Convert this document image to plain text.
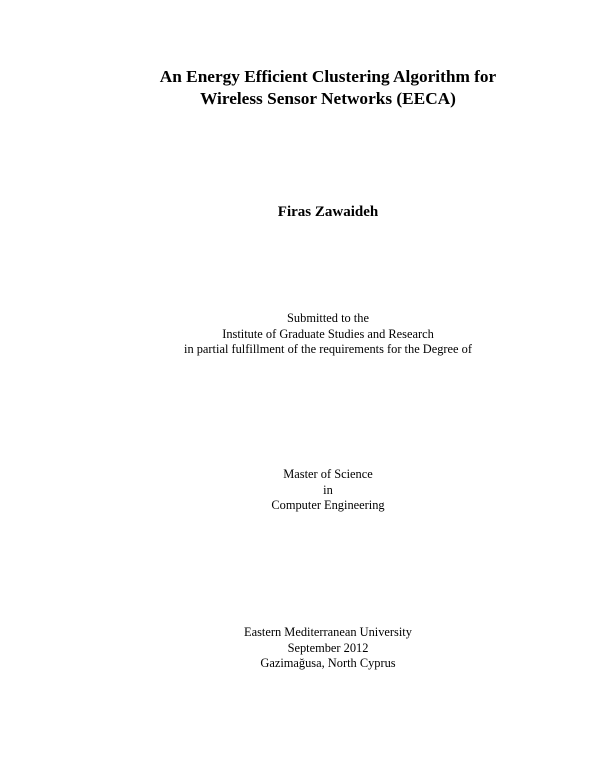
An Energy Efficient Clustering Algorithm for
Wireless Sensor Networks (EECA)
Firas Zawaideh
Submitted to the
Institute of Graduate Studies and Research
in partial fulfillment of the requirements for the Degree of
Master of Science
in
Computer Engineering
Eastern Mediterranean University
September 2012
Gazimağusa, North Cyprus
